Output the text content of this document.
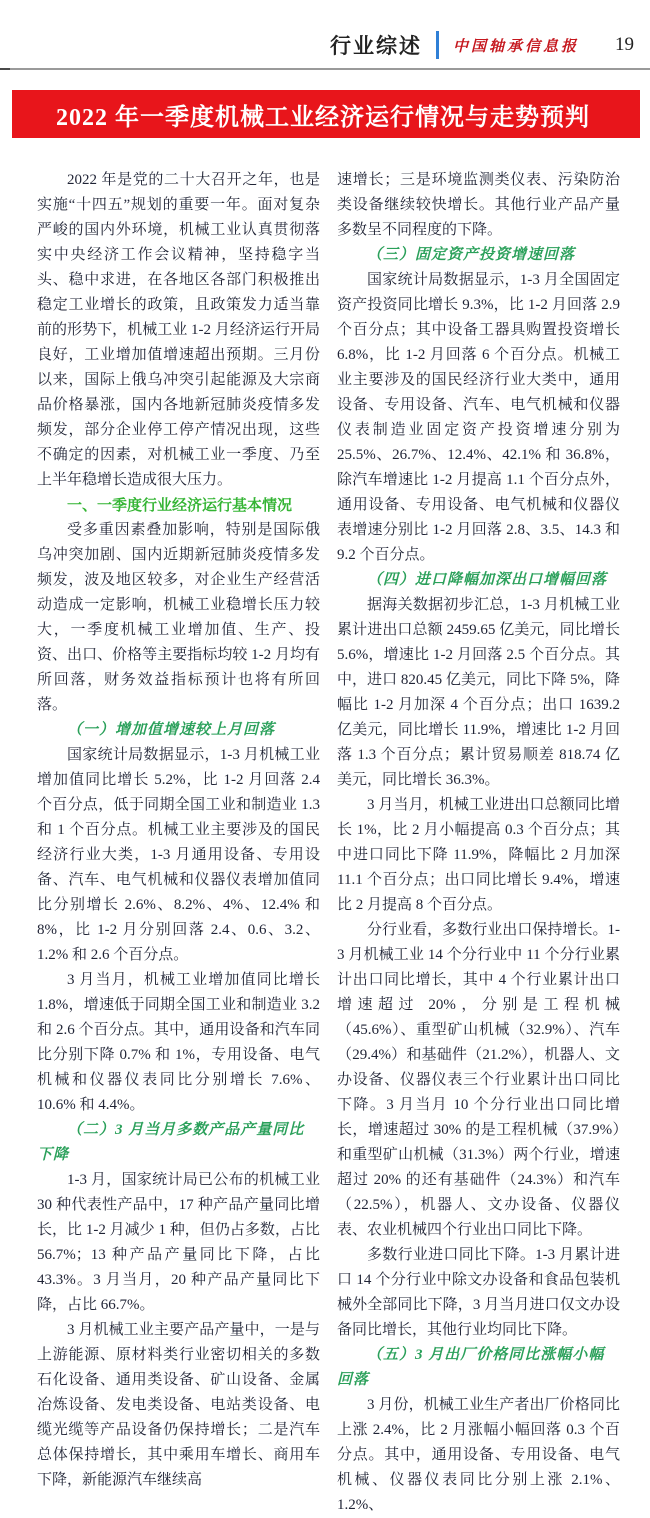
行业综述 中国轴承信息报 19
2022 年一季度机械工业经济运行情况与走势预判

2022 年是党的二十大召开之年，也是实施“十四五”规划的重要一年。面对复杂严峻的国内外环境，机械工业认真贯彻落实中央经济工作会议精神，坚持稳字当头、稳中求进，在各地区各部门积极推出稳定工业增长的政策，且政策发力适当靠前的形势下，机械工业 1-2 月经济运行开局良好，工业增加值增速超出预期。三月份以来，国际上俄乌冲突引起能源及大宗商品价格暴涨，国内各地新冠肺炎疫情多发频发，部分企业停工停产情况出现，这些不确定的因素，对机械工业一季度、乃至上半年稳增长造成很大压力。

一、一季度行业经济运行基本情况

受多重因素叠加影响，特别是国际俄乌冲突加剧、国内近期新冠肺炎疫情多发频发，波及地区较多，对企业生产经营活动造成一定影响，机械工业稳增长压力较大，一季度机械工业增加值、生产、投资、出口、价格等主要指标均较 1-2 月均有所回落，财务效益指标预计也将有所回落。

（一）增加值增速较上月回落

国家统计局数据显示，1-3 月机械工业增加值同比增长 5.2%，比 1-2 月回落 2.4 个百分点，低于同期全国工业和制造业 1.3 和 1 个百分点。机械工业主要涉及的国民经济行业大类，1-3 月通用设备、专用设备、汽车、电气机械和仪器仪表增加值同比分别增长 2.6%、8.2%、4%、12.4% 和 8%，比 1-2 月分别回落 2.4、0.6、3.2、1.2% 和 2.6 个百分点。

3 月当月，机械工业增加值同比增长 1.8%，增速低于同期全国工业和制造业 3.2 和 2.6 个百分点。其中，通用设备和汽车同比分别下降 0.7% 和 1%，专用设备、电气机械和仪器仪表同比分别增长 7.6%、10.6% 和 4.4%。

（二）3 月当月多数产品产量同比下降

1-3 月，国家统计局已公布的机械工业 30 种代表性产品中，17 种产品产量同比增长，比 1-2 月减少 1 种，但仍占多数，占比 56.7%；13 种产品产量同比下降，占比 43.3%。3 月当月，20 种产品产量同比下降，占比 66.7%。

3 月机械工业主要产品产量中，一是与上游能源、原材料类行业密切相关的多数石化设备、通用类设备、矿山设备、金属冶炼设备、发电类设备、电站类设备、电缆光缆等产品设备仍保持增长；二是汽车总体保持增长，其中乘用车增长、商用车下降，新能源汽车继续高

速增长；三是环境监测类仪表、污染防治类设备继续较快增长。其他行业产品产量多数呈不同程度的下降。

（三）固定资产投资增速回落

国家统计局数据显示，1-3 月全国固定资产投资同比增长 9.3%，比 1-2 月回落 2.9 个百分点；其中设备工器具购置投资增长 6.8%，比 1-2 月回落 6 个百分点。机械工业主要涉及的国民经济行业大类中，通用设备、专用设备、汽车、电气机械和仪器仪表制造业固定资产投资增速分别为 25.5%、26.7%、12.4%、42.1% 和 36.8%，除汽车增速比 1-2 月提高 1.1 个百分点外，通用设备、专用设备、电气机械和仪器仪表增速分别比 1-2 月回落 2.8、3.5、14.3 和 9.2 个百分点。

（四）进口降幅加深出口增幅回落

据海关数据初步汇总，1-3 月机械工业累计进出口总额 2459.65 亿美元，同比增长 5.6%，增速比 1-2 月回落 2.5 个百分点。其中，进口 820.45 亿美元，同比下降 5%，降幅比 1-2 月加深 4 个百分点；出口 1639.2 亿美元，同比增长 11.9%，增速比 1-2 月回落 1.3 个百分点；累计贸易顺差 818.74 亿美元，同比增长 36.3%。

3 月当月，机械工业进出口总额同比增长 1%，比 2 月小幅提高 0.3 个百分点；其中进口同比下降 11.9%，降幅比 2 月加深 11.1 个百分点；出口同比增长 9.4%，增速比 2 月提高 8 个百分点。

分行业看，多数行业出口保持增长。1-3 月机械工业 14 个分行业中 11 个分行业累计出口同比增长，其中 4 个行业累计出口增速超过 20%，分别是工程机械（45.6%）、重型矿山机械（32.9%）、汽车（29.4%）和基础件（21.2%），机器人、文办设备、仪器仪表三个行业累计出口同比下降。3 月当月 10 个分行业出口同比增长，增速超过 30% 的是工程机械（37.9%）和重型矿山机械（31.3%）两个行业，增速超过 20% 的还有基础件（24.3%）和汽车（22.5%），机器人、文办设备、仪器仪表、农业机械四个行业出口同比下降。

多数行业进口同比下降。1-3 月累计进口 14 个分行业中除文办设备和食品包装机械外全部同比下降，3 月当月进口仅文办设备同比增长，其他行业均同比下降。

（五）3 月出厂价格同比涨幅小幅回落

3 月份，机械工业生产者出厂价格同比上涨 2.4%，比 2 月涨幅小幅回落 0.3 个百分点。其中，通用设备、专用设备、电气机械、仪器仪表同比分别上涨 2.1%、1.2%、
